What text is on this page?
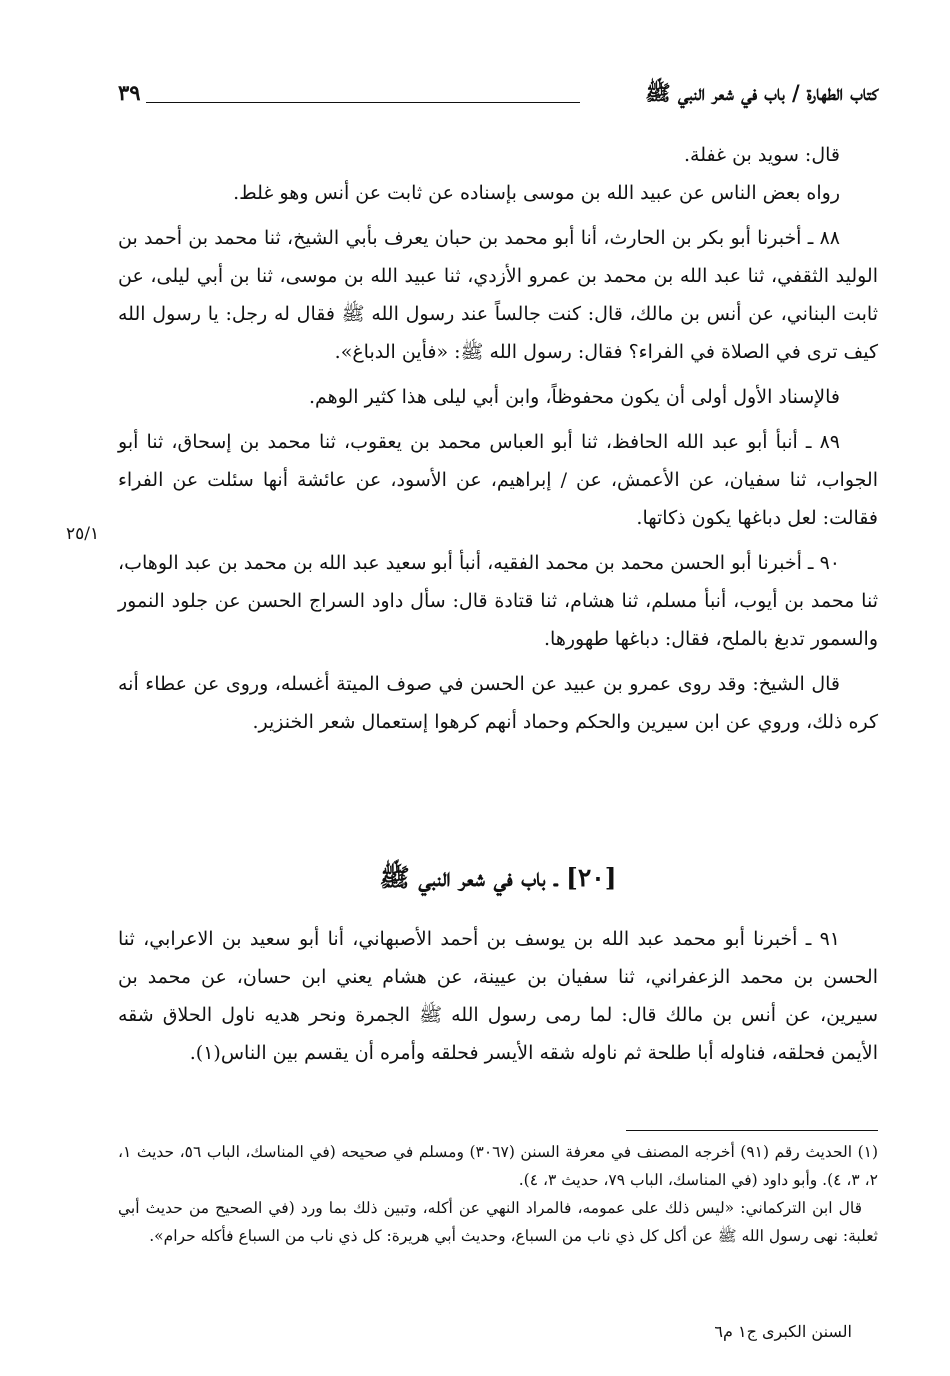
كتاب الطهارة / باب في شعر النبي ﷺ
٣٩

قال: سويد بن غفلة.

رواه بعض الناس عن عبيد الله بن موسى بإسناده عن ثابت عن أنس وهو غلط.

٨٨ ـ أخبرنا أبو بكر بن الحارث، أنا أبو محمد بن حبان يعرف بأبي الشيخ، ثنا محمد بن أحمد بن الوليد الثقفي، ثنا عبد الله بن محمد بن عمرو الأزدي، ثنا عبيد الله بن موسى، ثنا بن أبي ليلى، عن ثابت البناني، عن أنس بن مالك، قال: كنت جالساً عند رسول الله ﷺ فقال له رجل: يا رسول الله كيف ترى في الصلاة في الفراء؟ فقال: رسول الله ﷺ: «فأين الدباغ».

فالإسناد الأول أولى أن يكون محفوظاً، وابن أبي ليلى هذا كثير الوهم.

٨٩ ـ أنبأ أبو عبد الله الحافظ، ثنا أبو العباس محمد بن يعقوب، ثنا محمد بن إسحاق، ثنا أبو الجواب، ثنا سفيان، عن الأعمش، عن / إبراهيم، عن الأسود، عن عائشة أنها سئلت عن الفراء فقالت: لعل دباغها يكون ذكاتها.

٩٠ ـ أخبرنا أبو الحسن محمد بن محمد الفقيه، أنبأ أبو سعيد عبد الله بن محمد بن عبد الوهاب، ثنا محمد بن أيوب، أنبأ مسلم، ثنا هشام، ثنا قتادة قال: سأل داود السراج الحسن عن جلود النمور والسمور تدبغ بالملح، فقال: دباغها طهورها.

قال الشيخ: وقد روى عمرو بن عبيد عن الحسن في صوف الميتة أغسله، وروى عن عطاء أنه كره ذلك، وروي عن ابن سيرين والحكم وحماد أنهم كرهوا إستعمال شعر الخنزير.

٢٥/١
[٢٠] ـ باب في شعر النبي ﷺ

٩١ ـ أخبرنا أبو محمد عبد الله بن يوسف بن أحمد الأصبهاني، أنا أبو سعيد بن الاعرابي، ثنا الحسن بن محمد الزعفراني، ثنا سفيان بن عيينة، عن هشام يعني ابن حسان، عن محمد بن سيرين، عن أنس بن مالك قال: لما رمى رسول الله ﷺ الجمرة ونحر هديه ناول الحلاق شقه الأيمن فحلقه، فناوله أبا طلحة ثم ناوله شقه الأيسر فحلقه وأمره أن يقسم بين الناس(١).

(١) الحديث رقم (٩١) أخرجه المصنف في معرفة السنن (٣٠٦٧) ومسلم في صحيحه (في المناسك، الباب ٥٦، حديث ١، ٢، ٣، ٤). وأبو داود (في المناسك، الباب ٧٩، حديث ٣، ٤).

قال ابن التركماني: «ليس ذلك على عمومه، فالمراد النهي عن أكله، وتبين ذلك بما ورد (في الصحيح من حديث أبي ثعلبة: نهى رسول الله ﷺ عن أكل كل ذي ناب من السباع، وحديث أبي هريرة: كل ذي ناب من السباع فأكله حرام».

السنن الكبرى ج١ م٦
